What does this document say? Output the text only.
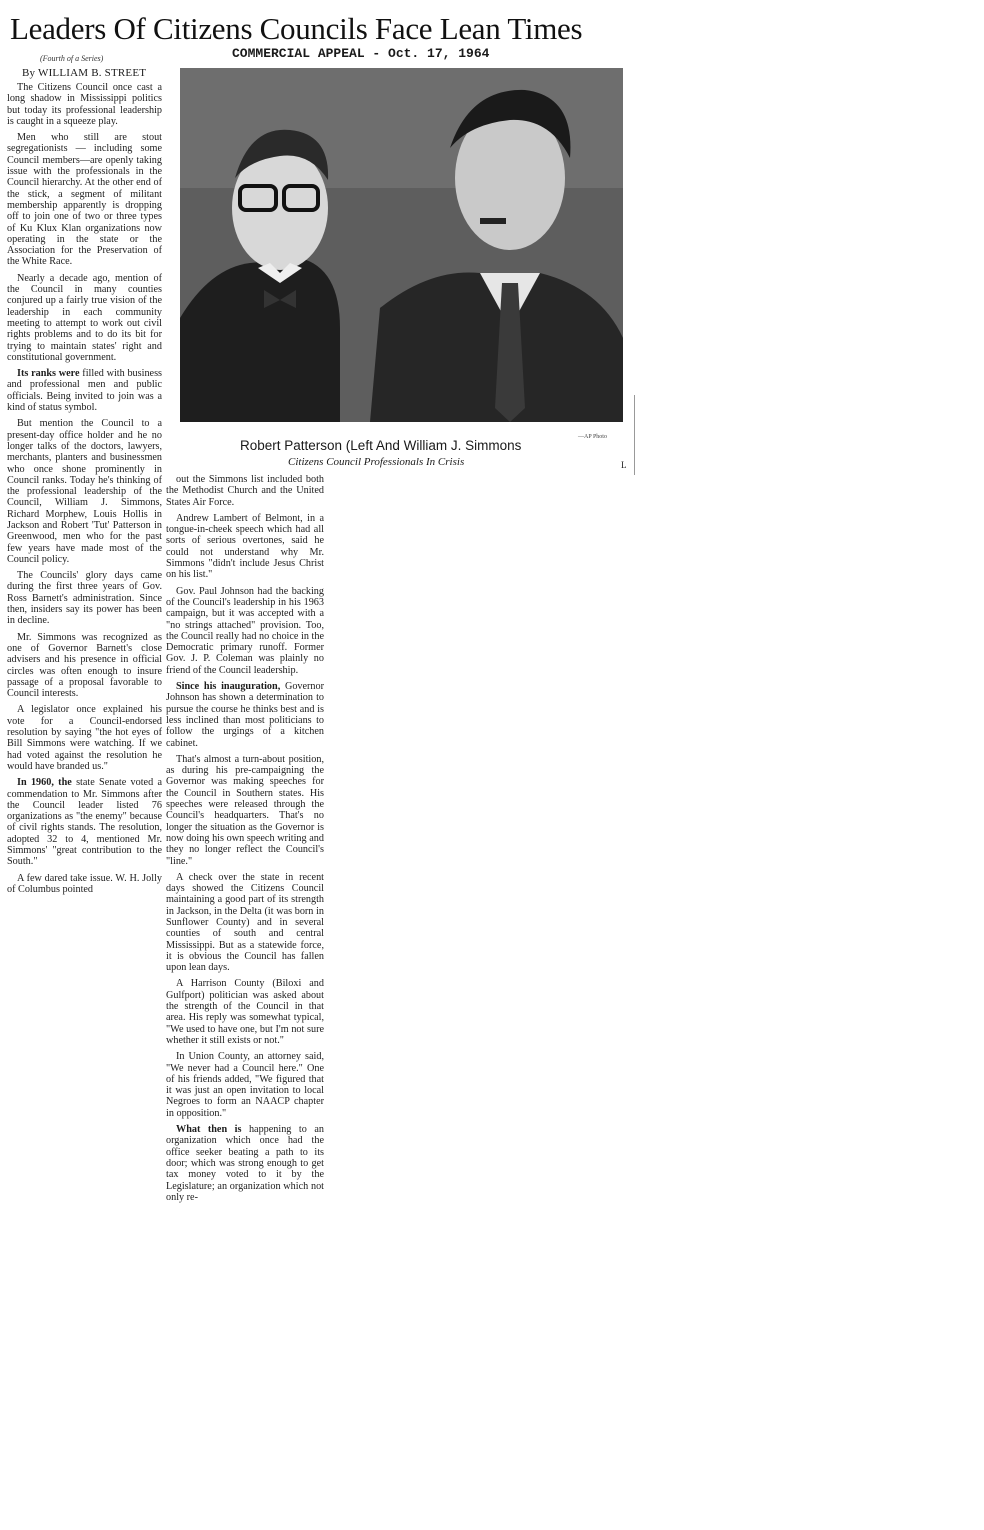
Leaders Of Citizens Councils Face Lean Times
COMMERCIAL APPEAL - Oct. 17, 1964
(Fourth of a Series)
By WILLIAM B. STREET
—AP Photo
Robert Patterson (Left And William J. Simmons
Citizens Council Professionals In Crisis	L

The Citizens Council once cast a long shadow in Mississippi politics but today its professional leadership is caught in a squeeze play.

Men who still are stout segregationists — including some Council members—are openly taking issue with the professionals in the Council hierarchy. At the other end of the stick, a segment of militant membership apparently is dropping off to join one of two or three types of Ku Klux Klan organizations now operating in the state or the Association for the Preservation of the White Race.

Nearly a decade ago, mention of the Council in many counties conjured up a fairly true vision of the leadership in each community meeting to attempt to work out civil rights problems and to do its bit for trying to maintain states' right and constitutional government.

Its ranks were filled with business and professional men and public officials. Being invited to join was a kind of status symbol.

But mention the Council to a present-day office holder and he no longer talks of the doctors, lawyers, merchants, planters and businessmen who once shone prominently in Council ranks. Today he's thinking of the professional leadership of the Council, William J. Simmons, Richard Morphew, Louis Hollis in Jackson and Robert 'Tut' Patterson in Greenwood, men who for the past few years have made most of the Council policy.

The Councils' glory days came during the first three years of Gov. Ross Barnett's administration. Since then, insiders say its power has been in decline.

Mr. Simmons was recognized as one of Governor Barnett's close advisers and his presence in official circles was often enough to insure passage of a proposal favorable to Council interests.

A legislator once explained his vote for a Council-endorsed resolution by saying "the hot eyes of Bill Simmons were watching. If we had voted against the resolution he would have branded us."

In 1960, the state Senate voted a commendation to Mr. Simmons after the Council leader listed 76 organizations as "the enemy" because of civil rights stands. The resolution, adopted 32 to 4, mentioned Mr. Simmons' "great contribution to the South."

A few dared take issue. W. H. Jolly of Columbus pointed

out the Simmons list included both the Methodist Church and the United States Air Force.

Andrew Lambert of Belmont, in a tongue-in-cheek speech which had all sorts of serious overtones, said he could not understand why Mr. Simmons "didn't include Jesus Christ on his list."

Gov. Paul Johnson had the backing of the Council's leadership in his 1963 campaign, but it was accepted with a "no strings attached" provision. Too, the Council really had no choice in the Democratic primary runoff. Former Gov. J. P. Coleman was plainly no friend of the Council leadership.

Since his inauguration, Governor Johnson has shown a determination to pursue the course he thinks best and is less inclined than most politicians to follow the urgings of a kitchen cabinet.

That's almost a turn-about position, as during his pre-campaigning the Governor was making speeches for the Council in Southern states. His speeches were released through the Council's headquarters. That's no longer the situation as the Governor is now doing his own speech writing and they no longer reflect the Council's "line."

A check over the state in recent days showed the Citizens Council maintaining a good part of its strength in Jackson, in the Delta (it was born in Sunflower County) and in several counties of south and central Mississippi. But as a statewide force, it is obvious the Council has fallen upon lean days.

A Harrison County (Biloxi and Gulfport) politician was asked about the strength of the Council in that area. His reply was somewhat typical, "We used to have one, but I'm not sure whether it still exists or not."

In Union County, an attorney said, "We never had a Council here." One of his friends added, "We figured that it was just an open invitation to local Negroes to form an NAACP chapter in opposition."

What then is happening to an organization which once had the office seeker beating a path to its door; which was strong enough to get tax money voted to it by the Legislature; an organization which not only re-
